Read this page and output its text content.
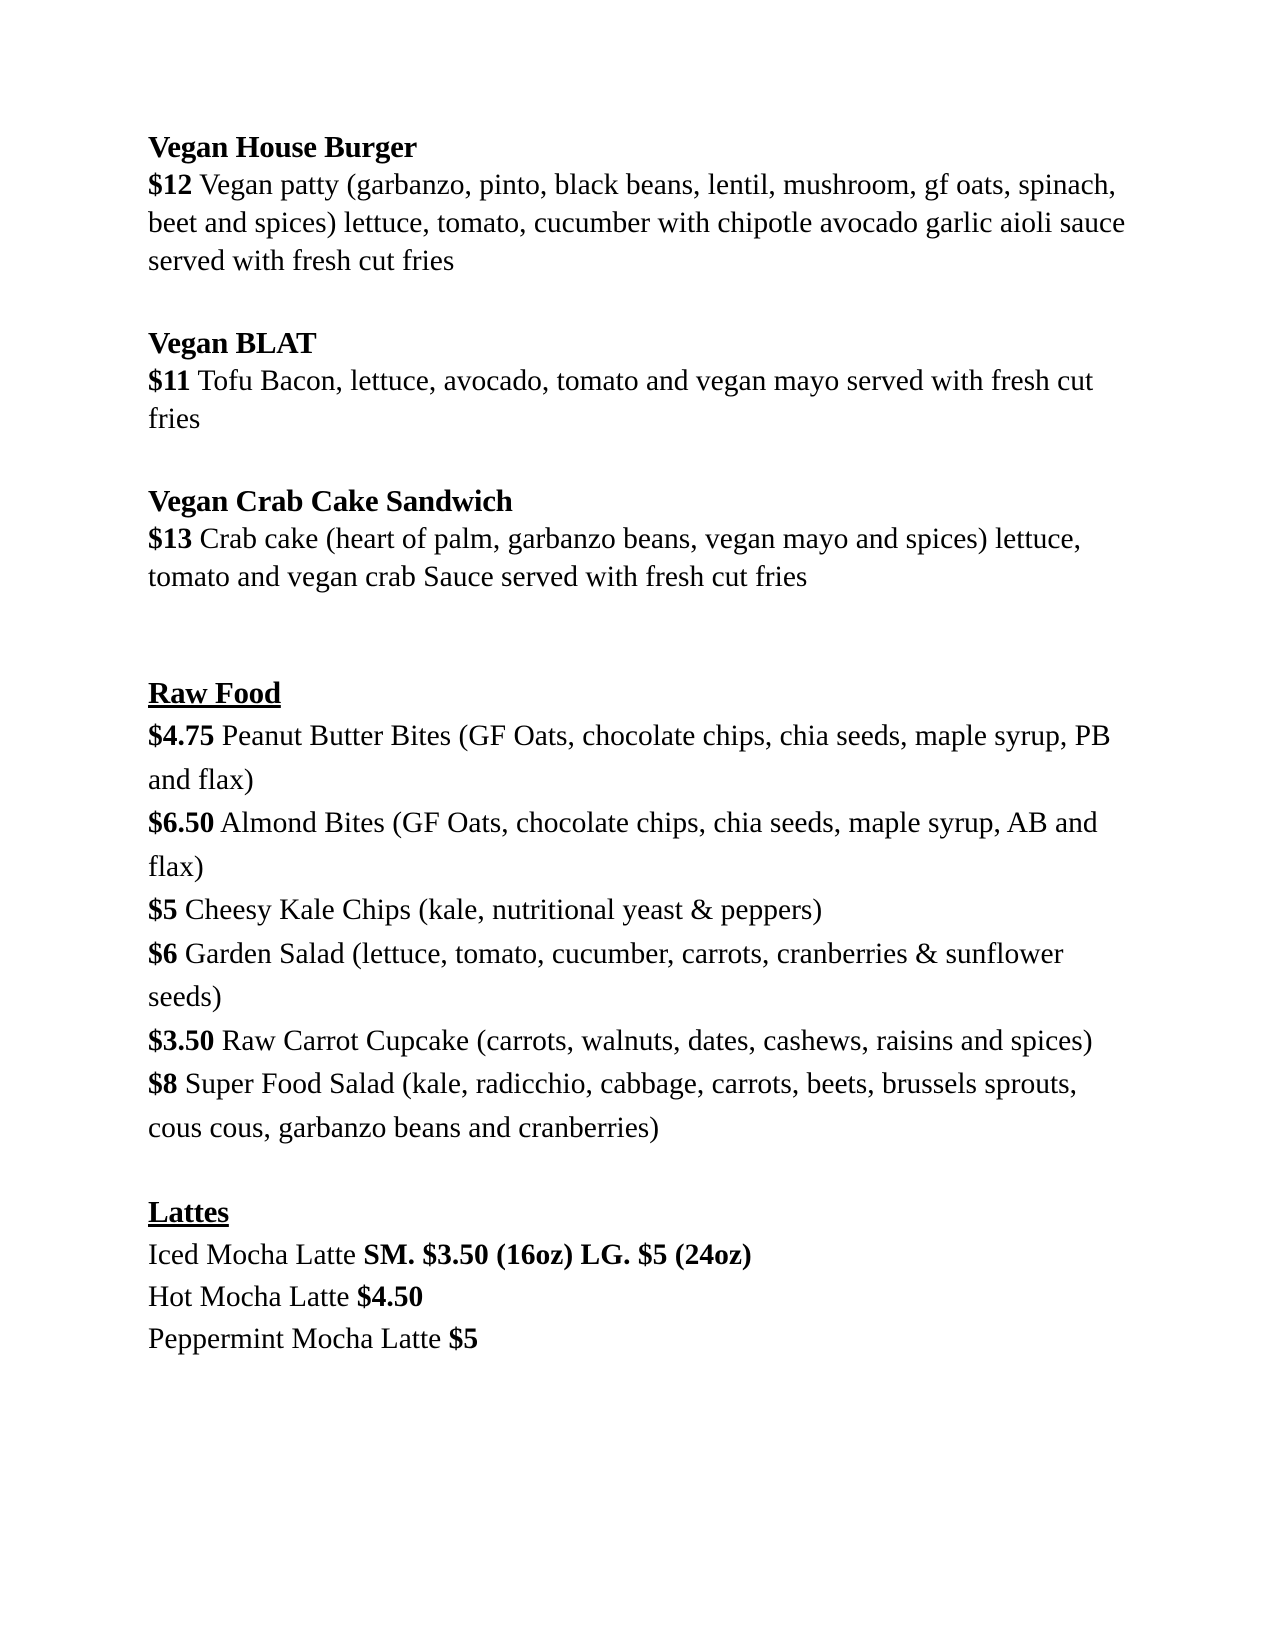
Vegan House Burger
$12 Vegan patty (garbanzo, pinto, black beans, lentil, mushroom, gf oats, spinach, beet and spices) lettuce, tomato, cucumber with chipotle avocado garlic aioli sauce served with fresh cut fries
Vegan BLAT
$11 Tofu Bacon, lettuce, avocado, tomato and vegan mayo served with fresh cut fries
Vegan Crab Cake Sandwich
$13 Crab cake (heart of palm, garbanzo beans, vegan mayo and spices) lettuce, tomato and vegan crab Sauce served with fresh cut fries
Raw Food
$4.75 Peanut Butter Bites (GF Oats, chocolate chips, chia seeds, maple syrup, PB and flax)
$6.50 Almond Bites (GF Oats, chocolate chips, chia seeds, maple syrup, AB and flax)
$5 Cheesy Kale Chips (kale, nutritional yeast & peppers)
$6 Garden Salad (lettuce, tomato, cucumber, carrots, cranberries & sunflower seeds)
$3.50 Raw Carrot Cupcake (carrots, walnuts, dates, cashews, raisins and spices)
$8 Super Food Salad (kale, radicchio, cabbage, carrots, beets, brussels sprouts, cous cous, garbanzo beans and cranberries)
Lattes
Iced Mocha Latte SM. $3.50 (16oz) LG. $5 (24oz)
Hot Mocha Latte $4.50
Peppermint Mocha Latte $5
